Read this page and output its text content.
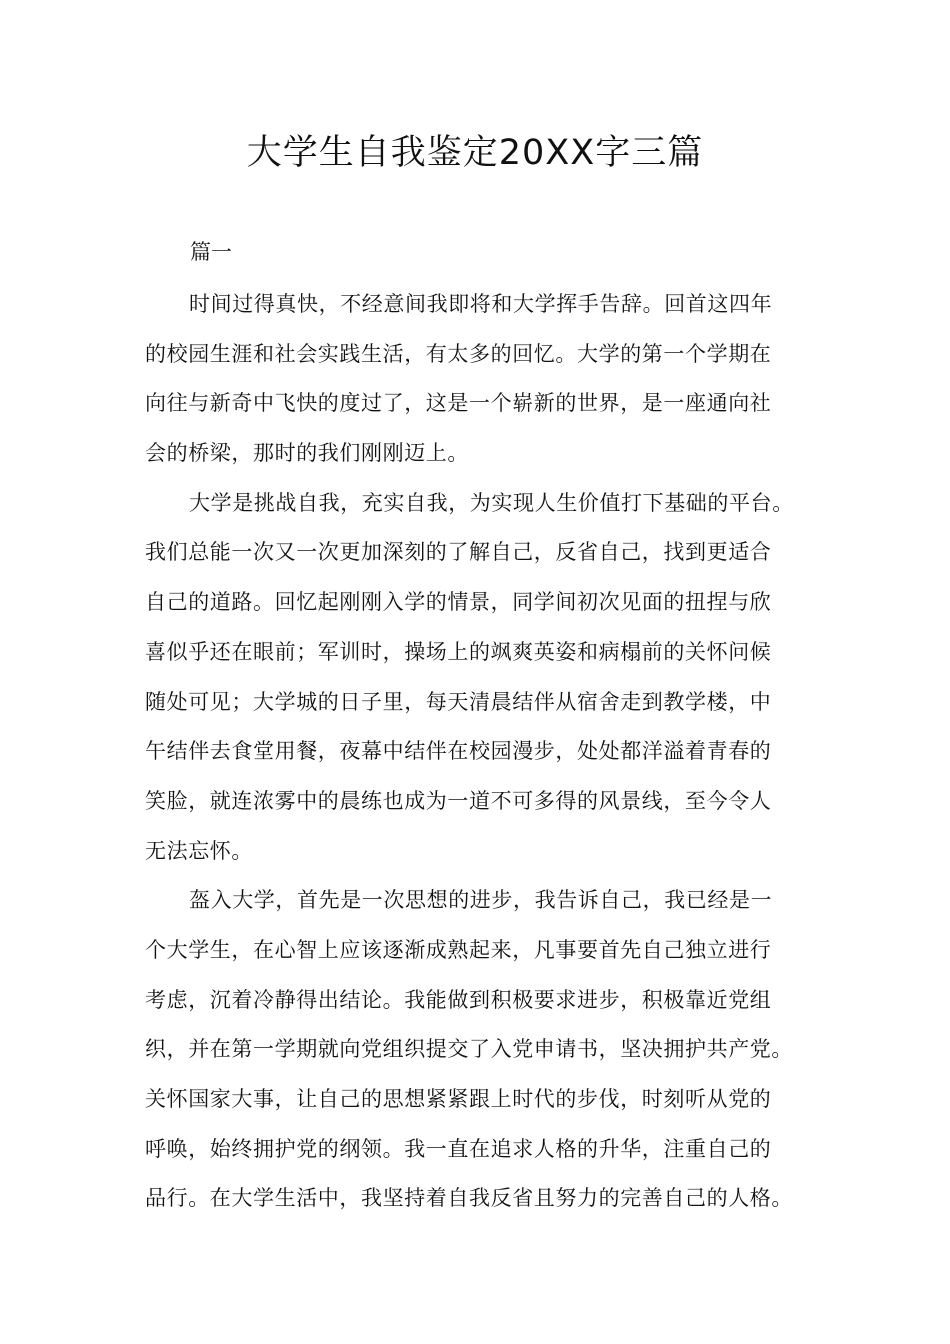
大学生自我鉴定20XX字三篇

篇一

时间过得真快，不经意间我即将和大学挥手告辞。回首这四年
的校园生涯和社会实践生活，有太多的回忆。大学的第一个学期在
向往与新奇中飞快的度过了，这是一个崭新的世界，是一座通向社
会的桥梁，那时的我们刚刚迈上。
大学是挑战自我，充实自我，为实现人生价值打下基础的平台。
我们总能一次又一次更加深刻的了解自己，反省自己，找到更适合
自己的道路。回忆起刚刚入学的情景，同学间初次见面的扭捏与欣
喜似乎还在眼前；军训时，操场上的飒爽英姿和病榻前的关怀问候
随处可见；大学城的日子里，每天清晨结伴从宿舍走到教学楼，中
午结伴去食堂用餐，夜幕中结伴在校园漫步，处处都洋溢着青春的
笑脸，就连浓雾中的晨练也成为一道不可多得的风景线，至今令人
无法忘怀。
盔入大学，首先是一次思想的进步，我告诉自己，我已经是一
个大学生，在心智上应该逐渐成熟起来，凡事要首先自己独立进行
考虑，沉着冷静得出结论。我能做到积极要求进步，积极靠近党组
织，并在第一学期就向党组织提交了入党申请书，坚决拥护共产党。
关怀国家大事，让自己的思想紧紧跟上时代的步伐，时刻听从党的
呼唤，始终拥护党的纲领。我一直在追求人格的升华，注重自己的
品行。在大学生活中，我坚持着自我反省且努力的完善自己的人格。
